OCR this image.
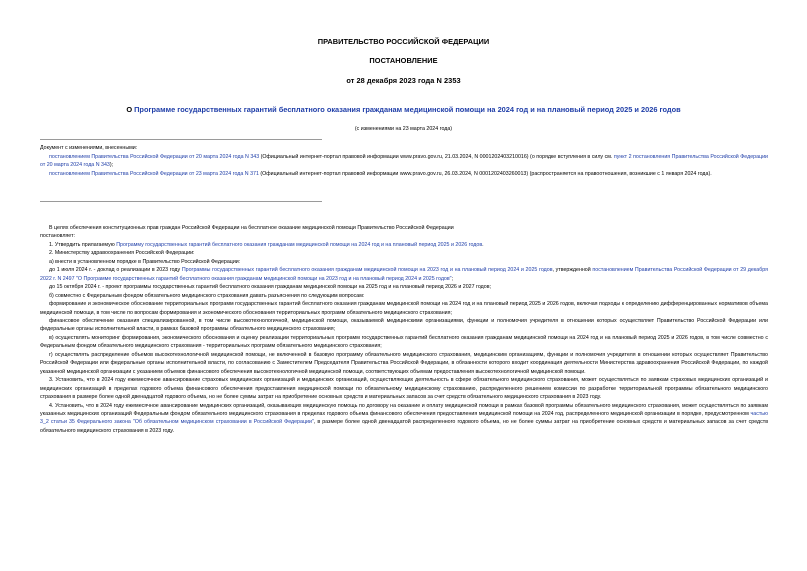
ПРАВИТЕЛЬСТВО РОССИЙСКОЙ ФЕДЕРАЦИИ
ПОСТАНОВЛЕНИЕ
от 28 декабря 2023 года N 2353
О Программе государственных гарантий бесплатного оказания гражданам медицинской помощи на 2024 год и на плановый период 2025 и 2026 годов
(с изменениями на 23 марта 2024 года)

Документ с изменениями, внесенными:

постановлением Правительства Российской Федерации от 20 марта 2024 года N 343 (Официальный интернет-портал правовой информации www.pravo.gov.ru, 21.03.2024, N 0001202403210016) (о порядке вступления в силу см. пункт 2 постановления Правительства Российской Федерации от 20 марта 2024 года N 343);

постановлением Правительства Российской Федерации от 23 марта 2024 года N 371 (Официальный интернет-портал правовой информации www.pravo.gov.ru, 26.03.2024, N 0001202403260013) (распространяется на правоотношения, возникшие с 1 января 2024 года).

В целях обеспечения конституционных прав граждан Российской Федерации на бесплатное оказание медицинской помощи Правительство Российской Федерации

постановляет:

1. Утвердить прилагаемую Программу государственных гарантий бесплатного оказания гражданам медицинской помощи на 2024 год и на плановый период 2025 и 2026 годов.

2. Министерству здравоохранения Российской Федерации:

а) внести в установленном порядке в Правительство Российской Федерации:

до 1 июля 2024 г. - доклад о реализации в 2023 году Программы государственных гарантий бесплатного оказания гражданам медицинской помощи на 2023 год и на плановый период 2024 и 2025 годов, утвержденной постановлением Правительства Российской Федерации от 29 декабря 2022 г. N 2497 "О Программе государственных гарантий бесплатного оказания гражданам медицинской помощи на 2023 год и на плановый период 2024 и 2025 годов";

до 15 октября 2024 г. - проект программы государственных гарантий бесплатного оказания гражданам медицинской помощи на 2025 год и на плановый период 2026 и 2027 годов;

б) совместно с Федеральным фондом обязательного медицинского страхования давать разъяснения по следующим вопросам:

формирование и экономическое обоснование территориальных программ государственных гарантий бесплатного оказания гражданам медицинской помощи на 2024 год и на плановый период 2025 и 2026 годов, включая подходы к определению дифференцированных нормативов объема медицинской помощи, в том числе по вопросам формирования и экономического обоснования территориальных программ обязательного медицинского страхования;

финансовое обеспечение оказания специализированной, в том числе высокотехнологичной, медицинской помощи, оказываемой медицинскими организациями, функции и полномочия учредителя в отношении которых осуществляет Правительство Российской Федерации или федеральные органы исполнительной власти, в рамках базовой программы обязательного медицинского страхования;

в) осуществлять мониторинг формирования, экономического обоснования и оценку реализации территориальных программ государственных гарантий бесплатного оказания гражданам медицинской помощи на 2024 год и на плановый период 2025 и 2026 годов, в том числе совместно с Федеральным фондом обязательного медицинского страхования - территориальных программ обязательного медицинского страхования;

г) осуществлять распределение объемов высокотехнологичной медицинской помощи, не включенной в базовую программу обязательного медицинского страхования, медицинским организациям, функции и полномочия учредителя в отношении которых осуществляет Правительство Российской Федерации или федеральные органы исполнительной власти, по согласованию с Заместителем Председателя Правительства Российской Федерации, в обязанности которого входит координация деятельности Министерства здравоохранения Российской Федерации, по каждой указанной медицинской организации с указанием объемов финансового обеспечения высокотехнологичной медицинской помощи, соответствующих объемам предоставления высокотехнологичной медицинской помощи.

3. Установить, что в 2024 году ежемесячное авансирование страховых медицинских организаций и медицинских организаций, осуществляющих деятельность в сфере обязательного медицинского страхования, может осуществляться по заявкам страховых медицинских организаций и медицинских организаций в пределах годового объема финансового обеспечения предоставления медицинской помощи по обязательному медицинскому страхованию, распределенного решением комиссии по разработке территориальной программы обязательного медицинского страхования в размере более одной двенадцатой годового объема, но не более суммы затрат на приобретение основных средств и материальных запасов за счет средств обязательного медицинского страхования в 2023 году.

4. Установить, что в 2024 году ежемесячное авансирование медицинских организаций, оказывающих медицинскую помощь по договору на оказание и оплату медицинской помощи в рамках базовой программы обязательного медицинского страхования, может осуществляться по заявкам указанных медицинских организаций Федеральным фондом обязательного медицинского страхования в пределах годового объема финансового обеспечения предоставления медицинской помощи на 2024 год, распределенного медицинской организации в порядке, предусмотренном частью 3_2 статьи 35 Федерального закона "Об обязательном медицинском страховании в Российской Федерации", в размере более одной двенадцатой распределенного годового объема, но не более суммы затрат на приобретение основных средств и материальных запасов за счет средств обязательного медицинского страхования в 2023 году.
